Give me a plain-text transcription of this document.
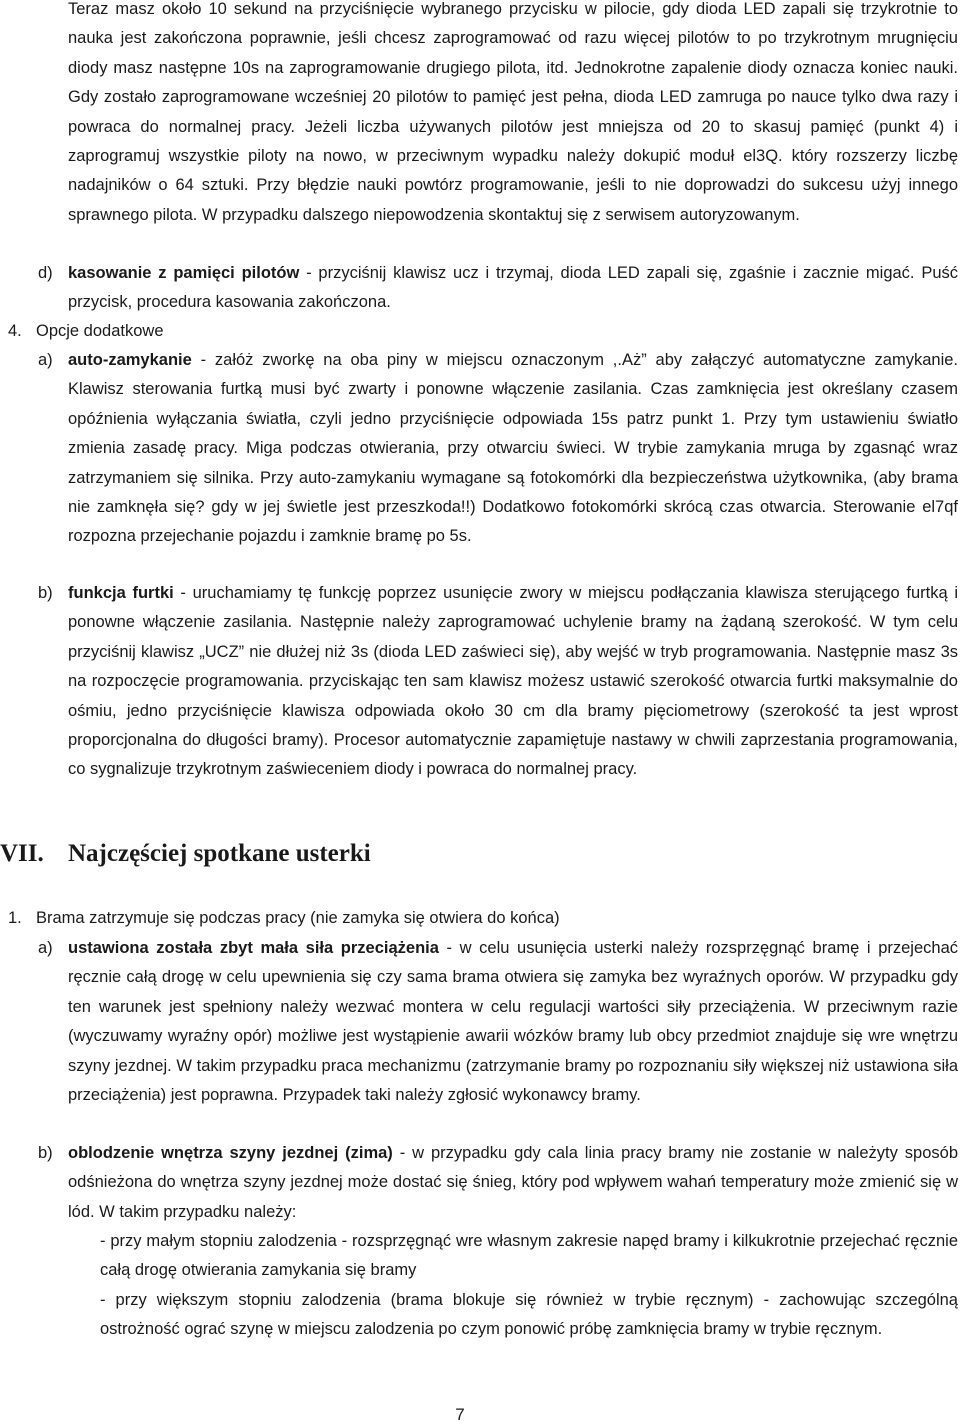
Teraz masz około 10 sekund na przyciśnięcie wybranego przycisku w pilocie, gdy dioda LED zapali się trzykrotnie to nauka jest zakończona poprawnie, jeśli chcesz zaprogramować od razu więcej pilotów to po trzykrotnym mrugnięciu diody masz następne 10s na zaprogramowanie drugiego pilota, itd. Jednokrotne zapalenie diody oznacza koniec nauki. Gdy zostało zaprogramowane wcześniej 20 pilotów to pamięć jest pełna, dioda LED zamruga po nauce tylko dwa razy i powraca do normalnej pracy. Jeżeli liczba używanych pilotów jest mniejsza od 20 to skasuj pamięć (punkt 4) i zaprogramuj wszystkie piloty na nowo, w przeciwnym wypadku należy dokupić moduł el3Q. który rozszerzy liczbę nadajników o 64 sztuki. Przy błędzie nauki powtórz programowanie, jeśli to nie doprowadzi do sukcesu użyj innego sprawnego pilota. W przypadku dalszego niepowodzenia skontaktuj się z serwisem autoryzowanym.

d) kasowanie z pamięci pilotów - przyciśnij klawisz ucz i trzymaj, dioda LED zapali się, zgaśnie i zacznie migać. Puść przycisk, procedura kasowania zakończona.

4. Opcje dodatkowe
a) auto-zamykanie - załóż zworkę na oba piny w miejscu oznaczonym ,.Aż” aby załączyć automatyczne zamykanie. Klawisz sterowania furtką musi być zwarty i ponowne włączenie zasilania. Czas zamknięcia jest określany czasem opóźnienia wyłączania światła, czyli jedno przyciśnięcie odpowiada 15s patrz punkt 1. Przy tym ustawieniu światło zmienia zasadę pracy. Miga podczas otwierania, przy otwarciu świeci. W trybie zamykania mruga by zgasnąć wraz zatrzymaniem się silnika. Przy auto-zamykaniu wymagane są fotokomórki dla bezpieczeństwa użytkownika, (aby brama nie zamknęła się? gdy w jej świetle jest przeszkoda!!) Dodatkowo fotokomórki skrócą czas otwarcia. Sterowanie el7qf rozpozna przejechanie pojazdu i zamknie bramę po 5s.

b) funkcja furtki - uruchamiamy tę funkcję poprzez usunięcie zwory w miejscu podłączania klawisza sterującego furtką i ponowne włączenie zasilania. Następnie należy zaprogramować uchylenie bramy na żądaną szerokość. W tym celu przyciśnij klawisz „UCZ” nie dłużej niż 3s (dioda LED zaświeci się), aby wejść w tryb programowania. Następnie masz 3s na rozpoczęcie programowania. przyciskając ten sam klawisz możesz ustawić szerokość otwarcia furtki maksymalnie do ośmiu, jedno przyciśnięcie klawisza odpowiada około 30 cm dla bramy pięciometrowy (szerokość ta jest wprost proporcjonalna do długości bramy). Procesor automatycznie zapamiętuje nastawy w chwili zaprzestania programowania, co sygnalizuje trzykrotnym zaświeceniem diody i powraca do normalnej pracy.

VII. Najczęściej spotkane usterki
1. Brama zatrzymuje się podczas pracy (nie zamyka się otwiera do końca)
a) ustawiona została zbyt mała siła przeciążenia - w celu usunięcia usterki należy rozsprzęgnąć bramę i przejechać ręcznie całą drogę w celu upewnienia się czy sama brama otwiera się zamyka bez wyraźnych oporów. W przypadku gdy ten warunek jest spełniony należy wezwać montera w celu regulacji wartości siły przeciążenia. W przeciwnym razie (wyczuwamy wyraźny opór) możliwe jest wystąpienie awarii wózków bramy lub obcy przedmiot znajduje się wre wnętrzu szyny jezdnej. W takim przypadku praca mechanizmu (zatrzymanie bramy po rozpoznaniu siły większej niż ustawiona siła przeciążenia) jest poprawna. Przypadek taki należy zgłosić wykonawcy bramy.

b) oblodzenie wnętrza szyny jezdnej (zima) - w przypadku gdy cala linia pracy bramy nie zostanie w należyty sposób odśnieżona do wnętrza szyny jezdnej może dostać się śnieg, który pod wpływem wahań temperatury może zmienić się w lód. W takim przypadku należy:

- przy małym stopniu zalodzenia - rozsprzęgnąć wre własnym zakresie napęd bramy i kilkukrotnie przejechać ręcznie całą drogę otwierania zamykania się bramy

- przy większym stopniu zalodzenia (brama blokuje się również w trybie ręcznym) - zachowując szczególną ostrożność ograć szynę w miejscu zalodzenia po czym ponowić próbę zamknięcia bramy w trybie ręcznym.

7
